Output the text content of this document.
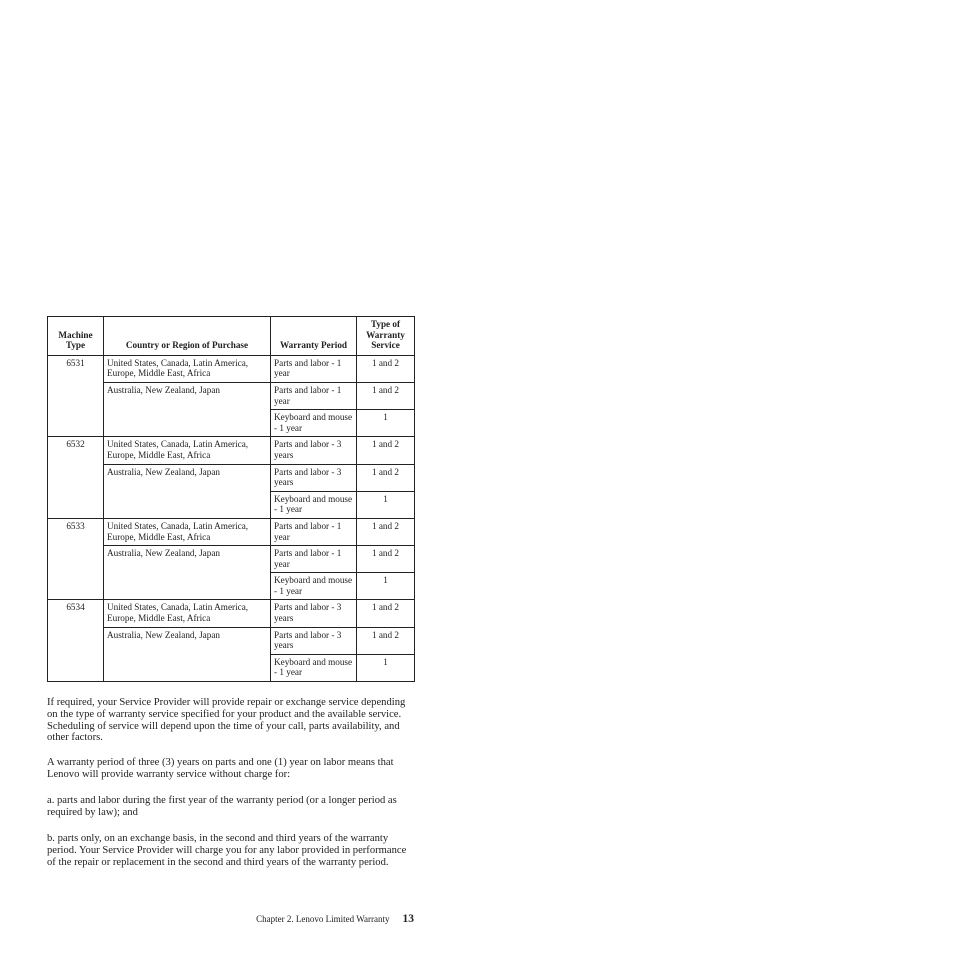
Machine Type	Country or Region of Purchase	Warranty Period	Type of Warranty Service
6531	United States, Canada, Latin America, Europe, Middle East, Africa	Parts and labor - 1 year	1 and 2
	Australia, New Zealand, Japan	Parts and labor - 1 year	1 and 2
		Keyboard and mouse - 1 year	1
6532	United States, Canada, Latin America, Europe, Middle East, Africa	Parts and labor - 3 years	1 and 2
	Australia, New Zealand, Japan	Parts and labor - 3 years	1 and 2
		Keyboard and mouse - 1 year	1
6533	United States, Canada, Latin America, Europe, Middle East, Africa	Parts and labor - 1 year	1 and 2
	Australia, New Zealand, Japan	Parts and labor - 1 year	1 and 2
		Keyboard and mouse - 1 year	1
6534	United States, Canada, Latin America, Europe, Middle East, Africa	Parts and labor - 3 years	1 and 2
	Australia, New Zealand, Japan	Parts and labor - 3 years	1 and 2
		Keyboard and mouse - 1 year	1

If required, your Service Provider will provide repair or exchange service depending on the type of warranty service specified for your product and the available service. Scheduling of service will depend upon the time of your call, parts availability, and other factors.

A warranty period of three (3) years on parts and one (1) year on labor means that Lenovo will provide warranty service without charge for:

a. parts and labor during the first year of the warranty period (or a longer period as required by law); and

b. parts only, on an exchange basis, in the second and third years of the warranty period. Your Service Provider will charge you for any labor provided in performance of the repair or replacement in the second and third years of the warranty period.

Chapter 2. Lenovo Limited Warranty 13
